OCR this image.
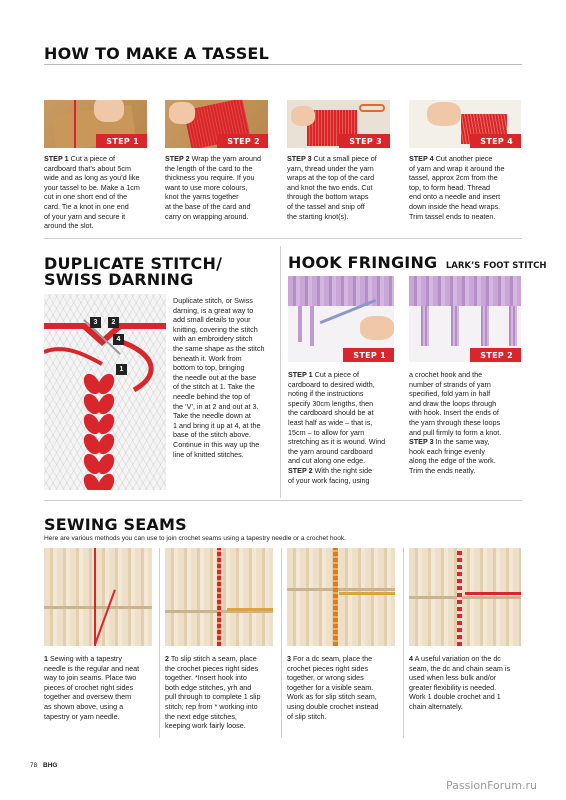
HOW TO MAKE A TASSEL
STEP 1	STEP 2	STEP 3	STEP 4
STEP 1 Cut a piece of
cardboard that’s about 5cm
wide and as long as you’d like
your tassel to be. Make a 1cm
cut in one short end of the
card. Tie a knot in one end
of your yarn and secure it
around the slot.
STEP 2 Wrap the yarn around
the length of the card to the
thickness you require. If you
want to use more colours,
knot the yarns together
at the base of the card and
carry on wrapping around.
STEP 3 Cut a small piece of
yarn, thread under the yarn
wraps at the top of the card
and knot the two ends. Cut
through the bottom wraps
of the tassel and snip off
the starting knot(s).
STEP 4 Cut another piece
of yarn and wrap it around the
tassel, approx 2cm from the
top, to form head. Thread
end onto a needle and insert
down inside the head wraps.
Trim tassel ends to neaten.
DUPLICATE STITCH/
SWISS DARNING
3	2
4
1
Duplicate stitch, or Swiss
darning, is a great way to
add small details to your
knitting, covering the stitch
with an embroidery stitch
the same shape as the stitch
beneath it. Work from
bottom to top, bringing
the needle out at the base
of the stitch at 1. Take the
needle behind the top of
the ‘V’, in at 2 and out at 3.
Take the needle down at
1 and bring it up at 4, at the
base of the stitch above.
Continue in this way up the
line of knitted stitches.
HOOK FRINGING LARK’S FOOT STITCH
STEP 1	STEP 2
STEP 1 Cut a piece of
cardboard to desired width,
noting if the instructions
specify 30cm lengths, then
the cardboard should be at
least half as wide – that is,
15cm – to allow for yarn
stretching as it is wound. Wind
the yarn around cardboard
and cut along one edge.
STEP 2 With the right side
of your work facing, using
a crochet hook and the
number of strands of yarn
specified, fold yarn in half
and draw the loops through
with hook. Insert the ends of
the yarn through these loops
and pull firmly to form a knot.
STEP 3 In the same way,
hook each fringe evenly
along the edge of the work.
Trim the ends neatly.
SEWING SEAMS
Here are various methods you can use to join crochet seams using a tapestry needle or a crochet hook.
1 Sewing with a tapestry
needle is the regular and neat
way to join seams. Place two
pieces of crochet right sides
together and oversew them
as shown above, using a
tapestry or yarn needle.
2 To slip stitch a seam, place
the crochet pieces right sides
together. *Insert hook into
both edge stitches, yrh and
pull through to complete 1 slip
stitch; rep from * working into
the next edge stitches,
keeping work fairly loose.
3 For a dc seam, place the
crochet pieces right sides
together, or wrong sides
together for a visible seam.
Work as for slip stitch seam,
using double crochet instead
of slip stitch.
4 A useful variation on the dc
seam, the dc and chain seam is
used when less bulk and/or
greater flexibility is needed.
Work 1 double crochet and 1
chain alternately.
78 BHG
PassionForum.ru
